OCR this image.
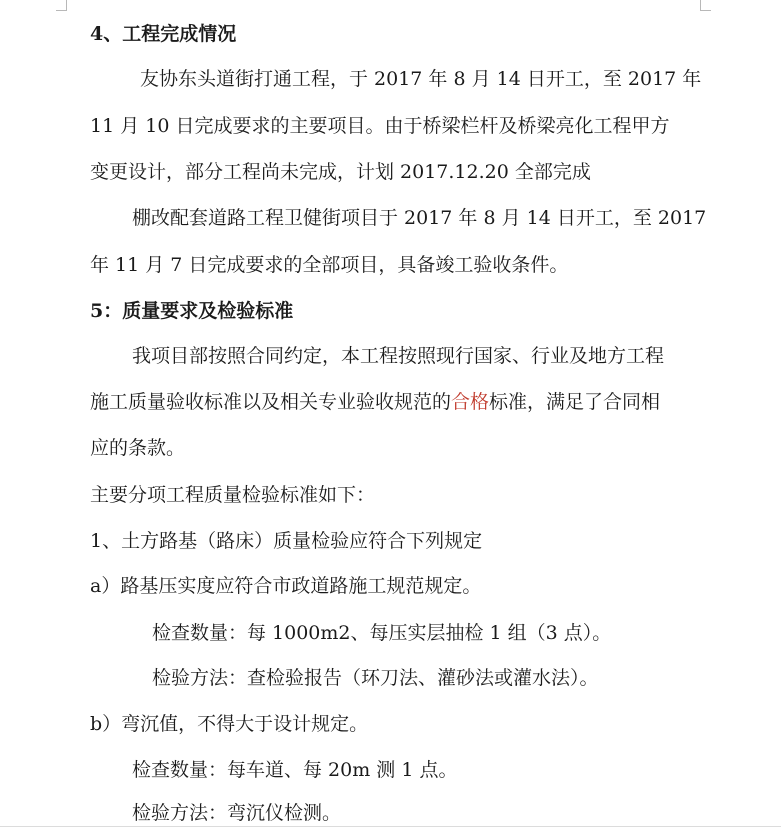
4、工程完成情况
友协东头道街打通工程，于 2017 年 8 月 14 日开工，至 2017 年
11 月 10 日完成要求的主要项目。由于桥梁栏杆及桥梁亮化工程甲方
变更设计，部分工程尚未完成，计划 2017.12.20 全部完成
棚改配套道路工程卫健街项目于 2017 年 8 月 14 日开工，至 2017
年 11 月 7 日完成要求的全部项目，具备竣工验收条件。
5：质量要求及检验标准
我项目部按照合同约定，本工程按照现行国家、行业及地方工程
施工质量验收标准以及相关专业验收规范的合格标准，满足了合同相
应的条款。
主要分项工程质量检验标准如下：
1、土方路基（路床）质量检验应符合下列规定
a）路基压实度应符合市政道路施工规范规定。
检查数量：每 1000m2、每压实层抽检 1 组（3 点）。
检验方法：查检验报告（环刀法、灌砂法或灌水法）。
b）弯沉值，不得大于设计规定。
检查数量：每车道、每 20m 测 1 点。
检验方法：弯沉仪检测。
